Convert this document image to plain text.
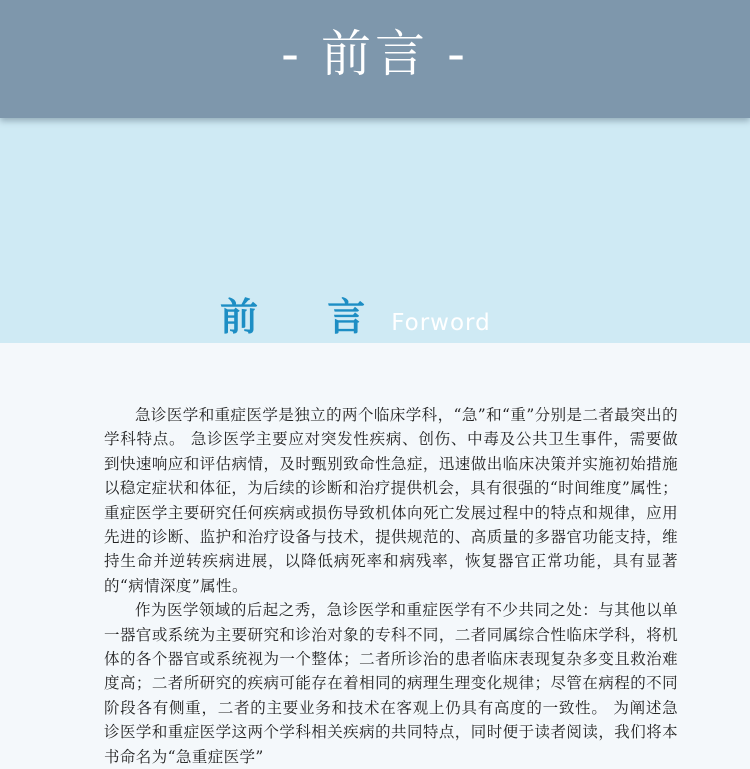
前 言Forword

急诊医学和重症医学是独立的两个临床学科，“急”和“重”分别是二者最突出的学科特点。 急诊医学主要应对突发性疾病、创伤、中毒及公共卫生事件，需要做到快速响应和评估病情，及时甄别致命性急症，迅速做出临床决策并实施初始措施以稳定症状和体征，为后续的诊断和治疗提供机会，具有很强的“时间维度”属性；重症医学主要研究任何疾病或损伤导致机体向死亡发展过程中的特点和规律，应用先进的诊断、监护和治疗设备与技术，提供规范的、高质量的多器官功能支持，维持生命并逆转疾病进展，以降低病死率和病残率，恢复器官正常功能，具有显著的“病情深度”属性。

作为医学领域的后起之秀，急诊医学和重症医学有不少共同之处：与其他以单一器官或系统为主要研究和诊治对象的专科不同，二者同属综合性临床学科，将机体的各个器官或系统视为一个整体；二者所诊治的患者临床表现复杂多变且救治难度高；二者所研究的疾病可能存在着相同的病理生理变化规律；尽管在病程的不同阶段各有侧重，二者的主要业务和技术在客观上仍具有高度的一致性。 为阐述急诊医学和重症医学这两个学科相关疾病的共同特点，同时便于读者阅读，我们将本书命名为“急重症医学”

- 前言 -
